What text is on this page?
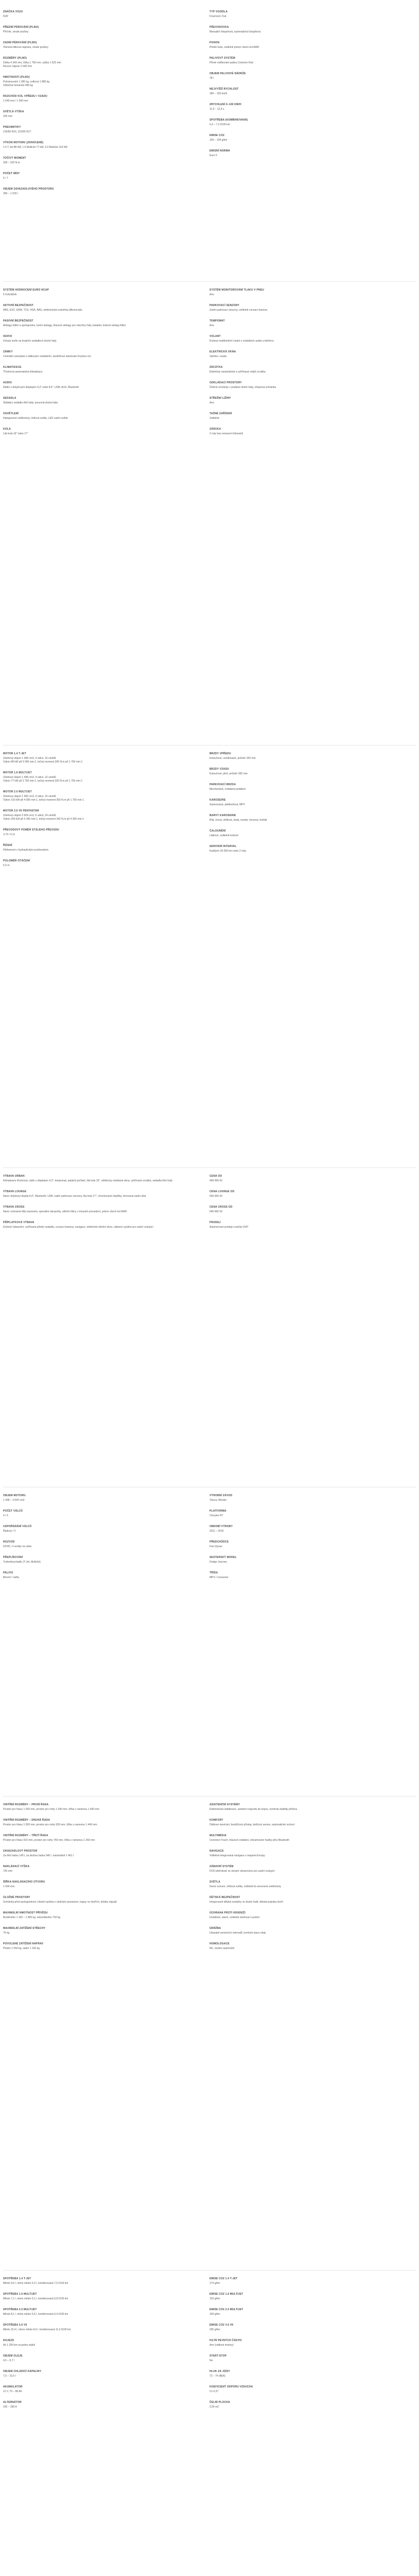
ZNAČKA VOZU
FIAT
PŘEDNÍ PÉROVÁNÍ (PLNO)
Příčník, vinuté pružiny
ZADNÍ PÉROVÁNÍ (PLNO)
Vlečená kliková náprava, vinuté pružiny
ROZMĚRY (PLNO)
Délka 4 343 mm, šířka 1 790 mm, výška 1 525 mm
Rozvor náprav 2 640 mm
HMOTNOSTI (PLNO)
Pohotovostní 1 395 kg, celková 1 880 kg
Užitečná hmotnost 485 kg
ROZCHOD KOL VPŘEDU / VZADU
1 540 mm / 1 540 mm
SVĚTLÁ VÝŠKA
165 mm
PNEUMATIKY
215/60 R16, 215/55 R17
VÝKON MOTORU (ZKRÁCENĚ)
1.4 T-Jet 88 kW, 1.6 MultiJet 77 kW, 2.0 MultiJet 103 kW
TOČIVÝ MOMENT
206 – 320 N.m
POČET MÍST
5 / 7
OBJEM ZAVAZADLOVÉHO PROSTORU
390 – 1 520 l
TYP VOZIDLA
Freemont, Fiat
PŘEVODOVKA
Manuální 6stupňová, automatická 6stupňová
POHON
Přední kola, volitelně pohon všech kol AWD
PALIVOVÝ SYSTÉM
Přímé vstřikování paliva Common Rail
OBJEM PALIVOVÉ NÁDRŽE
78 l
NEJVYŠŠÍ RYCHLOST
180 – 195 km/h
ZRYCHLENÍ 0–100 KM/H
11,0 – 12,4 s
SPOTŘEBA (KOMBINOVANÁ)
6,4 – 7,3 l/100 km
EMISE CO2
169 – 194 g/km
EMISNÍ NORMA
Euro 5
SYSTÉM HODNOCENÍ EURO NCAP
5 hvězdiček
AKTIVNÍ BEZPEČNOST
ABS, ESC, ERM, TCS, HSA, BAS, elektronická uzávěrka diferenciálu
PASIVNÍ BEZPEČNOST
Airbagy řidiče a spolujezdce, boční airbagy, hlavové airbagy pro všechny řady sedadel, kolenní airbag řidiče
ISOFIX
Úchyty Isofix na krajních sedadlech druhé řady
ZÁMKY
Centrální zamykání s dálkovým ovládáním, bezklíčové startování Keyless Go
KLIMATIZACE
Třízónová automatická klimatizace
AUDIO
Rádio s dotykovým displejem 4,3" nebo 8,4", USB, AUX, Bluetooth
SEDADLA
Skládací sedadla třetí řady, posuvná druhá řada
OSVĚTLENÍ
Halogenové světlomety, mlhová světla, LED zadní světla
KOLA
Litá kola 16" nebo 17"
SYSTÉM MONITOROVÁNÍ TLAKU V PNEU
Ano
PARKOVACÍ SENZORY
Zadní parkovací senzory, volitelně couvací kamera
TEMPOMAT
Ano
VOLANT
Kožený multifunkční volant s ovládáním audia a telefonu
ELEKTRICKÁ OKNA
Vpředu i vzadu
ZRCÁTKA
Elektricky nastavitelná a vyhřívaná vnější zrcátka
ODKLÁDACÍ PROSTORY
Úložné schránky v podlaze druhé řady, chlazená schránka
STŘEŠNÍ LIŽINY
Ano
TAŽNÉ ZAŘÍZENÍ
Volitelně
ZÁRUKA
2 roky bez omezení kilometrů
MOTOR 1.4 T-JET
Zdvihový objem 1 368 cm3, 4 válce, 16 ventilů
Výkon 88 kW při 5 000 min-1, točivý moment 206 N.m při 1 750 min-1
MOTOR 1.6 MULTIJET
Zdvihový objem 1 598 cm3, 4 válce, 16 ventilů
Výkon 77 kW při 3 750 min-1, točivý moment 320 N.m při 1 750 min-1
MOTOR 2.0 MULTIJET
Zdvihový objem 1 956 cm3, 4 válce, 16 ventilů
Výkon 103 kW při 4 000 min-1, točivý moment 350 N.m při 1 750 min-1
MOTOR 3.6 V6 PENTASTAR
Zdvihový objem 3 604 cm3, 6 válců, 24 ventilů
Výkon 206 kW při 6 350 min-1, točivý moment 342 N.m při 4 350 min-1
PŘEVODOVÝ POMĚR STÁLÉHO PŘEVODU
3,79 / 4,11
ŘÍZENÍ
Hřebenové s hydraulickým posilovačem
POLOMĚR OTÁČENÍ
5,9 m
BRZDY VPŘEDU
Kotoučové, ventilované, průměr 330 mm
BRZDY VZADU
Kotoučové, plné, průměr 305 mm
PARKOVACÍ BRZDA
Mechanická, ovládaná pedálem
KAROSERIE
Samonosná, pětidveřová, MPV
BARVY KAROSERIE
Bílá, černá, stříbrná, šedá, modrá, červená, hnědá
ČALOUNĚNÍ
Látkové, volitelně kožené
SERVISNÍ INTERVAL
Každých 35 000 km nebo 2 roky
VÝBAVA URBAN
Klimatizace třízónová, rádio s displejem 4,3", tempomat, palubní počítač, litá kola 16", elektricky ovládaná okna, vyhřívaná zrcátka, sedadla třetí řady
VÝBAVA LOUNGE
Navíc dotykový displej 8,4", Bluetooth, USB, zadní parkovací senzory, litá kola 17", chromované doplňky, tónovaná zadní skla
VÝBAVA CROSS
Navíc ochranné lišty karoserie, speciální nárazníky, střešní ližiny v tmavém provedení, pohon všech kol AWD
PŘÍPLATKOVÁ VÝBAVA
Kožené čalounění, vyhřívaná přední sedadla, couvací kamera, navigace, elektrické střešní okno, zábavní systém pro zadní cestující
CENA OD
499 900 Kč
CENA LOUNGE OD
569 900 Kč
CENA CROSS OD
649 900 Kč
PRODEJ
Autorizovaní prodejci značky FIAT
OBJEM MOTORU
1 368 – 3 604 cm3
POČET VÁLCŮ
4 / 6
USPOŘÁDÁNÍ VÁLCŮ
Řadový / V
ROZVOD
DOHC, 4 ventily na válec
PŘEPLŇOVÁNÍ
Turbodmychadlo (T-Jet, MultiJet)
PALIVO
Benzín / nafta
VÝROBNÍ ZÁVOD
Toluca, Mexiko
PLATFORMA
Chrysler RT
OBDOBÍ VÝROBY
2011 – 2016
PŘEDCHŮDCE
Fiat Ulysse
SESTERSKÝ MODEL
Dodge Journey
TŘÍDA
MPV / crossover
VNITŘNÍ ROZMĚRY – PRVNÍ ŘADA
Prostor pro hlavu 1 030 mm, prostor pro nohy 1 040 mm, šířka v ramenou 1 450 mm
VNITŘNÍ ROZMĚRY – DRUHÁ ŘADA
Prostor pro hlavu 1 000 mm, prostor pro nohy 930 mm, šířka v ramenou 1 440 mm
VNITŘNÍ ROZMĚRY – TŘETÍ ŘADA
Prostor pro hlavu 910 mm, prostor pro nohy 760 mm, šířka v ramenou 1 260 mm
ZAVAZADLOVÝ PROSTOR
Za třetí řadou 145 l, za druhou řadou 540 l, maximálně 1 461 l
NAKLÁDACÍ VÝŠKA
720 mm
ŠÍŘKA NAKLÁDACÍHO OTVORU
1 090 mm
ÚLOŽNÉ PROSTORY
Schránka před spolujezdcem, loketní opěrka s úložným prostorem, kapsy ve dveřích, držáky nápojů
MAXIMÁLNÍ HMOTNOST PŘÍVĚSU
Brzděného 1 100 – 1 800 kg, nebrzděného 750 kg
MAXIMÁLNÍ ZATÍŽENÍ STŘECHY
75 kg
POVOLENÉ ZATÍŽENÍ NÁPRAV
Přední 1 050 kg, zadní 1 150 kg
ASISTENČNÍ SYSTÉMY
Elektronická stabilizace, asistent rozjezdu do kopce, kontrola stability přívěsu
KOMFORT
Dálkové otevírání, bezklíčový přístup, dešťový senzor, automatické svícení
MULTIMÉDIA
Uconnect Touch, hlasové ovládání, streamování hudby přes Bluetooth
NAVIGACE
Volitelně integrovaná navigace s mapami Evropy
ZÁBAVNÍ SYSTÉM
DVD přehrávač se stropní obrazovkou pro zadní cestující
SVĚTLA
Denní svícení, mlhová světla, volitelně bi-xenonové světlomety
DĚTSKÁ BEZPEČNOST
Integrované dětské sedačky ve druhé řadě, dětská pojistka dveří
OCHRANA PROTI KRÁDEŽI
Imobilizér, alarm, volitelně sledovací systém
ÚDRŽBA
Ukazatel servisních intervalů, kontrola stavu oleje
HOMOLOGACE
M1, osobní automobil
SPOTŘEBA 1.4 T-JET
Město 9,6 l, mimo město 6,3 l, kombinovaná 7,5 l/100 km
SPOTŘEBA 1.6 MULTIJET
Město 7,1 l, mimo město 5,1 l, kombinovaná 5,8 l/100 km
SPOTŘEBA 2.0 MULTIJET
Město 8,1 l, mimo město 5,6 l, kombinovaná 6,4 l/100 km
SPOTŘEBA 3.6 V6
Město 15,4 l, mimo město 8,4 l, kombinovaná 11,0 l/100 km
DOJEZD
Až 1 200 km na jednu nádrž
OBJEM OLEJE
4,5 – 5,7 l
OBJEM CHLADICÍ KAPALINY
7,5 – 10,5 l
AKUMULÁTOR
12 V, 70 – 80 Ah
ALTERNÁTOR
160 – 180 A
EMISE CO2 1.4 T-JET
174 g/km
EMISE CO2 1.6 MULTIJET
153 g/km
EMISE CO2 2.0 MULTIJET
169 g/km
EMISE CO2 3.6 V6
255 g/km
FILTR PEVNÝCH ČÁSTIC
Ano (naftové motory)
START-STOP
Ne
HLUK ZA JÍZDY
72 – 74 dB(A)
KOEFICIENT ODPORU VZDUCHU
Cx 0,37
ČELNÍ PLOCHA
2,56 m2
